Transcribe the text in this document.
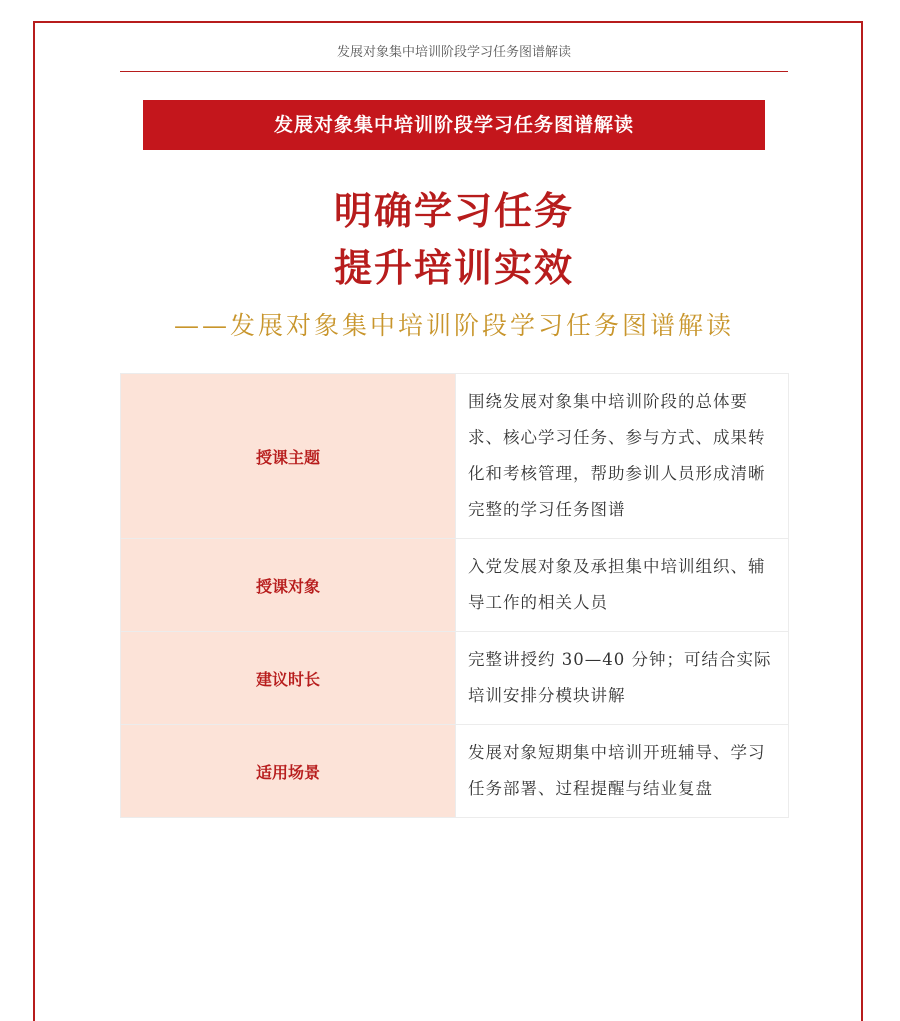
发展对象集中培训阶段学习任务图谱解读
发展对象集中培训阶段学习任务图谱解读
明确学习任务
提升培训实效
——发展对象集中培训阶段学习任务图谱解读
授课主题	围绕发展对象集中培训阶段的总体要求、核心学习任务、参与方式、成果转化和考核管理，帮助参训人员形成清晰完整的学习任务图谱
授课对象	入党发展对象及承担集中培训组织、辅导工作的相关人员
建议时长	完整讲授约 30—40 分钟；可结合实际培训安排分模块讲解
适用场景	发展对象短期集中培训开班辅导、学习任务部署、过程提醒与结业复盘
